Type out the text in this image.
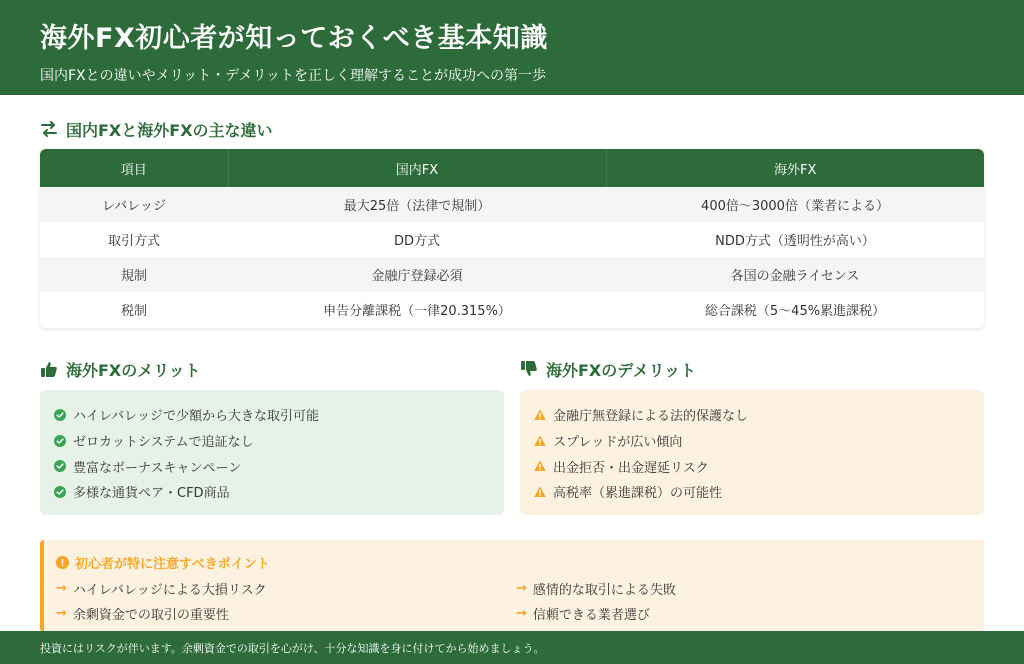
海外FX初心者が知っておくべき基本知識

国内FXとの違いやメリット・デメリットを正しく理解することが成功への第一歩

国内FXと海外FXの主な違い
項目	国内FX	海外FX
レバレッジ	最大25倍（法律で規制）	400倍〜3000倍（業者による）
取引方式	DD方式	NDD方式（透明性が高い）
規制	金融庁登録必須	各国の金融ライセンス
税制	申告分離課税（一律20.315%）	総合課税（5〜45%累進課税）
海外FXのメリット
ハイレバレッジで少額から大きな取引可能
ゼロカットシステムで追証なし
豊富なボーナスキャンペーン
多様な通貨ペア・CFD商品
海外FXのデメリット
金融庁無登録による法的保護なし
スプレッドが広い傾向
出金拒否・出金遅延リスク
高税率（累進課税）の可能性
初心者が特に注意すべきポイント
→ ハイレバレッジによる大損リスク	→ 感情的な取引による失敗
→ 余剰資金での取引の重要性	→ 信頼できる業者選び
投資にはリスクが伴います。余剰資金での取引を心がけ、十分な知識を身に付けてから始めましょう。
